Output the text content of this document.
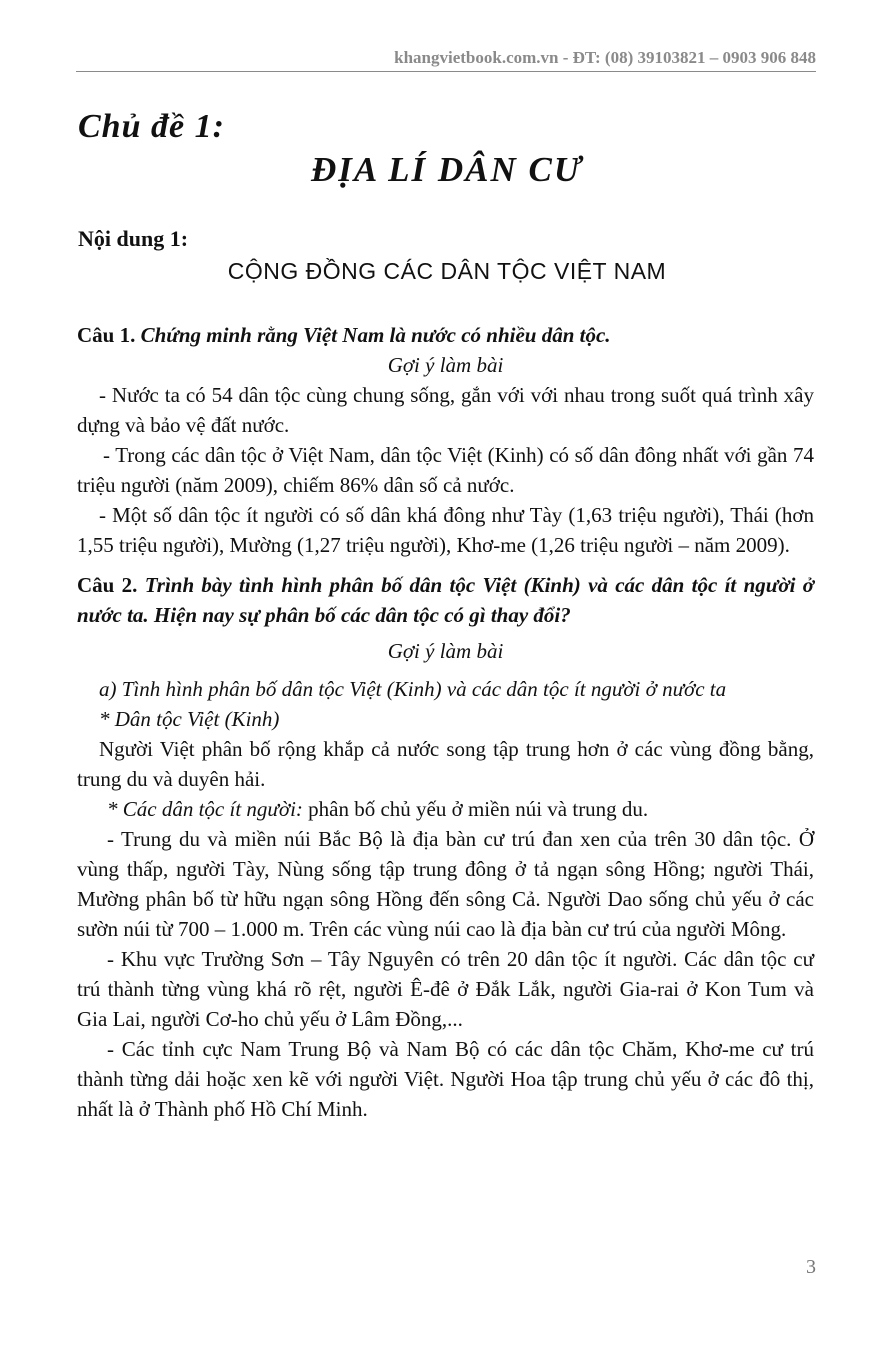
khangvietbook.com.vn - ĐT: (08) 39103821 – 0903 906 848
Chủ đề 1:
ĐỊA LÍ DÂN CƯ
Nội dung 1:
CỘNG ĐỒNG CÁC DÂN TỘC VIỆT NAM

Câu 1. Chứng minh rằng Việt Nam là nước có nhiều dân tộc.

Gợi ý làm bài

- Nước ta có 54 dân tộc cùng chung sống, gắn với với nhau trong suốt quá trình xây dựng và bảo vệ đất nước.

- Trong các dân tộc ở Việt Nam, dân tộc Việt (Kinh) có số dân đông nhất với gần 74 triệu người (năm 2009), chiếm 86% dân số cả nước.

- Một số dân tộc ít người có số dân khá đông như Tày (1,63 triệu người), Thái (hơn 1,55 triệu người), Mường (1,27 triệu người), Khơ-me (1,26 triệu người – năm 2009).

Câu 2. Trình bày tình hình phân bố dân tộc Việt (Kinh) và các dân tộc ít người ở nước ta. Hiện nay sự phân bố các dân tộc có gì thay đổi?

Gợi ý làm bài

a) Tình hình phân bố dân tộc Việt (Kinh) và các dân tộc ít người ở nước ta

* Dân tộc Việt (Kinh)

Người Việt phân bố rộng khắp cả nước song tập trung hơn ở các vùng đồng bằng, trung du và duyên hải.

* Các dân tộc ít người: phân bố chủ yếu ở miền núi và trung du.

- Trung du và miền núi Bắc Bộ là địa bàn cư trú đan xen của trên 30 dân tộc. Ở vùng thấp, người Tày, Nùng sống tập trung đông ở tả ngạn sông Hồng; người Thái, Mường phân bố từ hữu ngạn sông Hồng đến sông Cả. Người Dao sống chủ yếu ở các sườn núi từ 700 – 1.000 m. Trên các vùng núi cao là địa bàn cư trú của người Mông.

- Khu vực Trường Sơn – Tây Nguyên có trên 20 dân tộc ít người. Các dân tộc cư trú thành từng vùng khá rõ rệt, người Ê-đê ở Đắk Lắk, người Gia-rai ở Kon Tum và Gia Lai, người Cơ-ho chủ yếu ở Lâm Đồng,...

- Các tỉnh cực Nam Trung Bộ và Nam Bộ có các dân tộc Chăm, Khơ-me cư trú thành từng dải hoặc xen kẽ với người Việt. Người Hoa tập trung chủ yếu ở các đô thị, nhất là ở Thành phố Hồ Chí Minh.

3
